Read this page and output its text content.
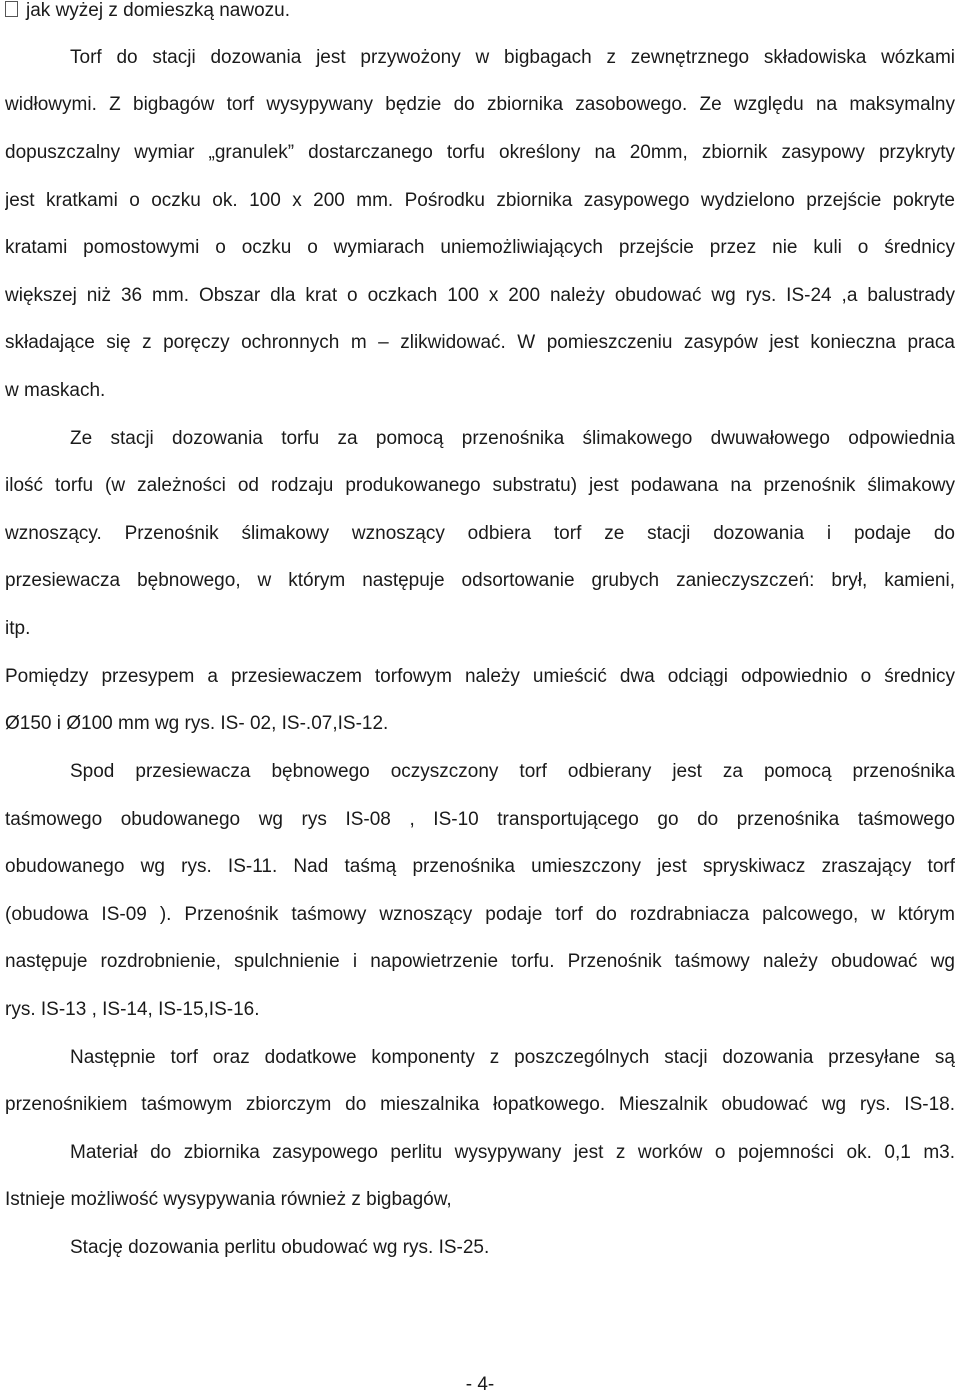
jak wyżej z domieszką nawozu.
Torf do stacji dozowania jest przywożony w bigbagach z zewnętrznego składowiska wózkami
widłowymi. Z bigbagów torf wysypywany będzie do zbiornika zasobowego. Ze względu na maksymalny
dopuszczalny wymiar „granulek” dostarczanego torfu określony na 20mm, zbiornik zasypowy przykryty
jest kratkami o oczku ok. 100 x 200 mm. Pośrodku zbiornika zasypowego wydzielono przejście pokryte
kratami pomostowymi o oczku o wymiarach uniemożliwiających przejście przez nie kuli o średnicy
większej niż 36 mm. Obszar dla krat o oczkach 100 x 200 należy obudować wg rys. IS-24 ,a balustrady
składające się z poręczy ochronnych m – zlikwidować. W pomieszczeniu zasypów jest konieczna praca
w maskach.
Ze stacji dozowania torfu za pomocą przenośnika ślimakowego dwuwałowego odpowiednia
ilość torfu (w zależności od rodzaju produkowanego substratu) jest podawana na przenośnik ślimakowy
wznoszący. Przenośnik ślimakowy wznoszący odbiera torf ze stacji dozowania i podaje do
przesiewacza bębnowego, w którym następuje odsortowanie grubych zanieczyszczeń: brył, kamieni,
itp.
Pomiędzy przesypem a przesiewaczem torfowym należy umieścić dwa odciągi odpowiednio o średnicy
Ø150 i Ø100 mm wg rys. IS- 02, IS-.07,IS-12.
Spod przesiewacza bębnowego oczyszczony torf odbierany jest za pomocą przenośnika
taśmowego obudowanego wg rys IS-08 , IS-10 transportującego go do przenośnika taśmowego
obudowanego wg rys. IS-11. Nad taśmą przenośnika umieszczony jest spryskiwacz zraszający torf
(obudowa IS-09 ). Przenośnik taśmowy wznoszący podaje torf do rozdrabniacza palcowego, w którym
następuje rozdrobnienie, spulchnienie i napowietrzenie torfu. Przenośnik taśmowy należy obudować wg
rys. IS-13 , IS-14, IS-15,IS-16.
Następnie torf oraz dodatkowe komponenty z poszczególnych stacji dozowania przesyłane są
przenośnikiem taśmowym zbiorczym do mieszalnika łopatkowego. Mieszalnik obudować wg rys. IS-18.
Materiał do zbiornika zasypowego perlitu wysypywany jest z worków o pojemności ok. 0,1 m3.
Istnieje możliwość wysypywania również z bigbagów,
Stację dozowania perlitu obudować wg rys. IS-25.
- 4-
